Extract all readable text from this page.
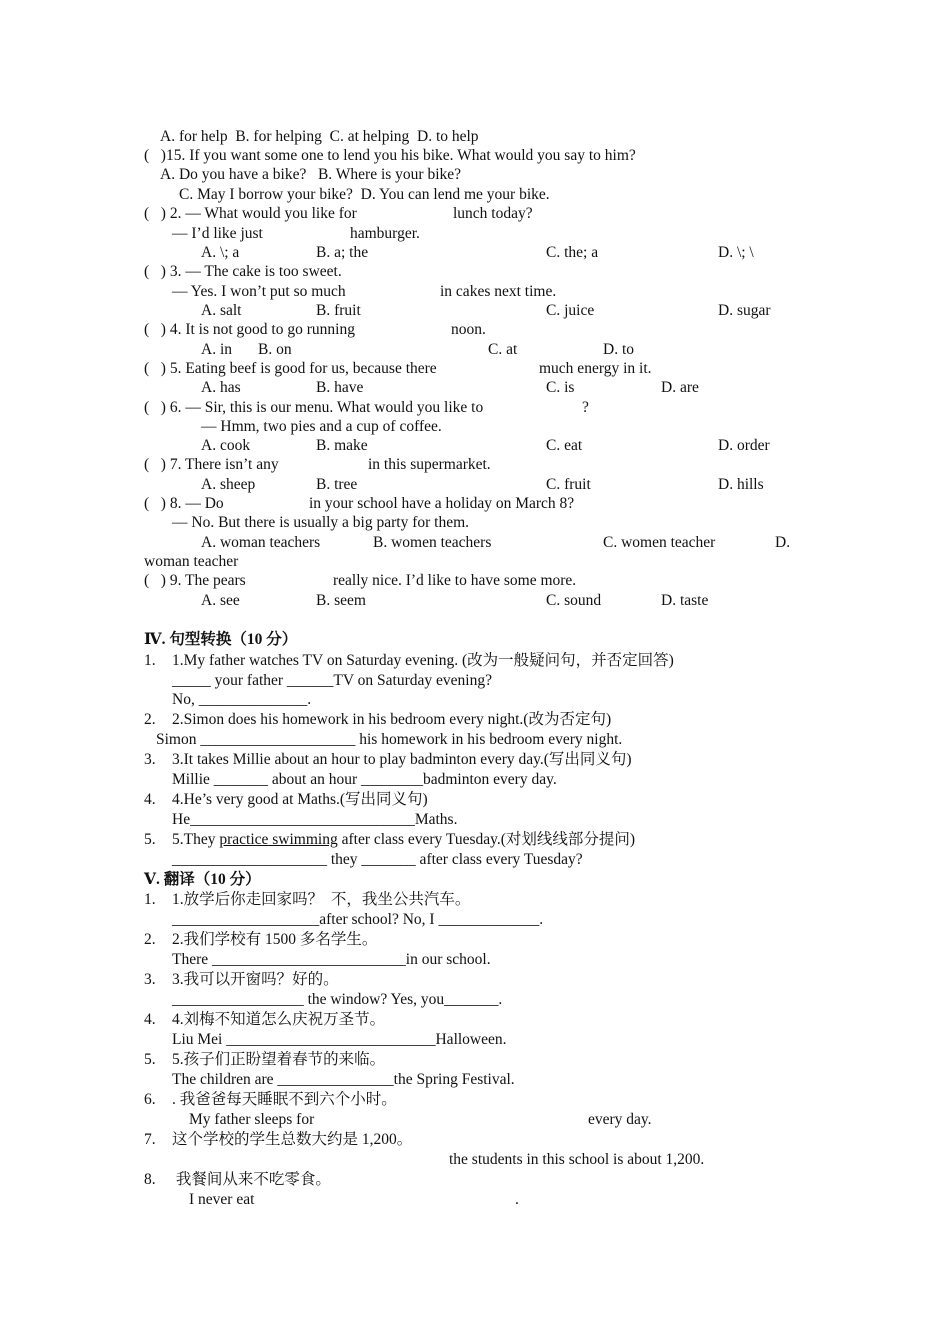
A. for help  B. for helping  C. at helping  D. to help
(   )15. If you want some one to lend you his bike. What would you say to him?
A. Do you have a bike?   B. Where is your bike?
C. May I borrow your bike?  D. You can lend me your bike.
(   ) 2. — What would you like for	lunch today?
— I’d like just	hamburger.
A. \; a	B. a; the	C. the; a	D. \; \
(   ) 3. — The cake is too sweet.
— Yes. I won’t put so much	in cakes next time.
A. salt	B. fruit	C. juice	D. sugar
(   ) 4. It is not good to go running	noon.
A. in B. on	C. at	D. to
(   ) 5. Eating beef is good for us, because there	much energy in it.
A. has	B. have	C. is	D. are
(   ) 6. — Sir, this is our menu. What would you like to	?
— Hmm, two pies and a cup of coffee.
A. cook	B. make	C. eat	D. order
(   ) 7. There isn’t any	in this supermarket.
A. sheep	B. tree	C. fruit	D. hills
(   ) 8. — Do	in your school have a holiday on March 8?
— No. But there is usually a big party for them.
A. woman teachers	B. women teachers	C. women teacher	D.
woman teacher
(   ) 9. The pears	really nice. I’d like to have some more.
A. see	B. seem	C. sound	D. taste
Ⅳ. 句型转换（10 分）
1. 1.My father watches TV on Saturday evening. (改为一般疑问句，并否定回答)
_____ your father ______TV on Saturday evening?
No, ______________.
2. 2.Simon does his homework in his bedroom every night.(改为否定句)
Simon ____________________ his homework in his bedroom every night.
3. 3.It takes Millie about an hour to play badminton every day.(写出同义句)
Millie _______ about an hour ________badminton every day.
4. 4.He’s very good at Maths.(写出同义句)
He_____________________________Maths.
5. 5.They practice swimming after class every Tuesday.(对划线线部分提问)
____________________ they _______ after class every Tuesday?
Ⅴ. 翻译（10 分）
1. 1.放学后你走回家吗？  不，我坐公共汽车。
___________________after school? No, I _____________.
2. 2.我们学校有 1500 多名学生。
There _________________________in our school.
3. 3.我可以开窗吗？好的。
_________________ the window? Yes, you_______.
4. 4.刘梅不知道怎么庆祝万圣节。
Liu Mei ___________________________Halloween.
5. 5.孩子们正盼望着春节的来临。
The children are _______________the Spring Festival.
6. . 我爸爸每天睡眠不到六个小时。
My father sleeps for	every day.
7. 这个学校的学生总数大约是 1,200。
the students in this school is about 1,200.
8. 我餐间从来不吃零食。
I never eat	.
